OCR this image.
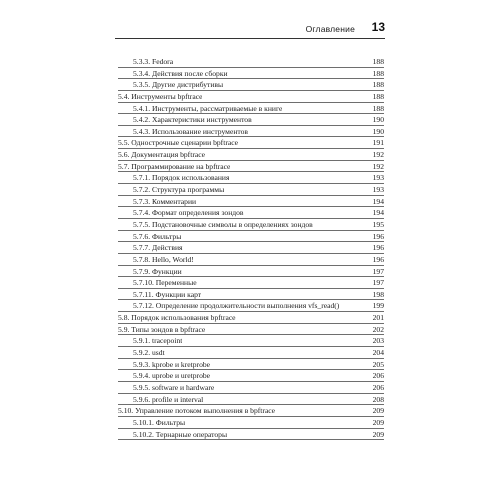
Оглавление 13
5.3.3. Fedora	188
5.3.4. Действия после сборки	188
5.3.5. Другие дистрибутивы	188
5.4. Инструменты bpftrace	188
5.4.1. Инструменты, рассматриваемые в книге	188
5.4.2. Характеристики инструментов	190
5.4.3. Использование инструментов	190
5.5. Однострочные сценарии bpftrace	191
5.6. Документация bpftrace	192
5.7. Программирование на bpftrace	192
5.7.1. Порядок использования	193
5.7.2. Структура программы	193
5.7.3. Комментарии	194
5.7.4. Формат определения зондов	194
5.7.5. Подстановочные символы в определениях зондов	195
5.7.6. Фильтры	196
5.7.7. Действия	196
5.7.8. Hello, World!	196
5.7.9. Функции	197
5.7.10. Переменные	197
5.7.11. Функции карт	198
5.7.12. Определение продолжительности выполнения vfs_read()	199
5.8. Порядок использования bpftrace	201
5.9. Типы зондов в bpftrace	202
5.9.1. tracepoint	203
5.9.2. usdt	204
5.9.3. kprobe и kretprobe	205
5.9.4. uprobe и uretprobe	206
5.9.5. software и hardware	206
5.9.6. profile и interval	208
5.10. Управление потоком выполнения в bpftrace	209
5.10.1. Фильтры	209
5.10.2. Тернарные операторы	209
